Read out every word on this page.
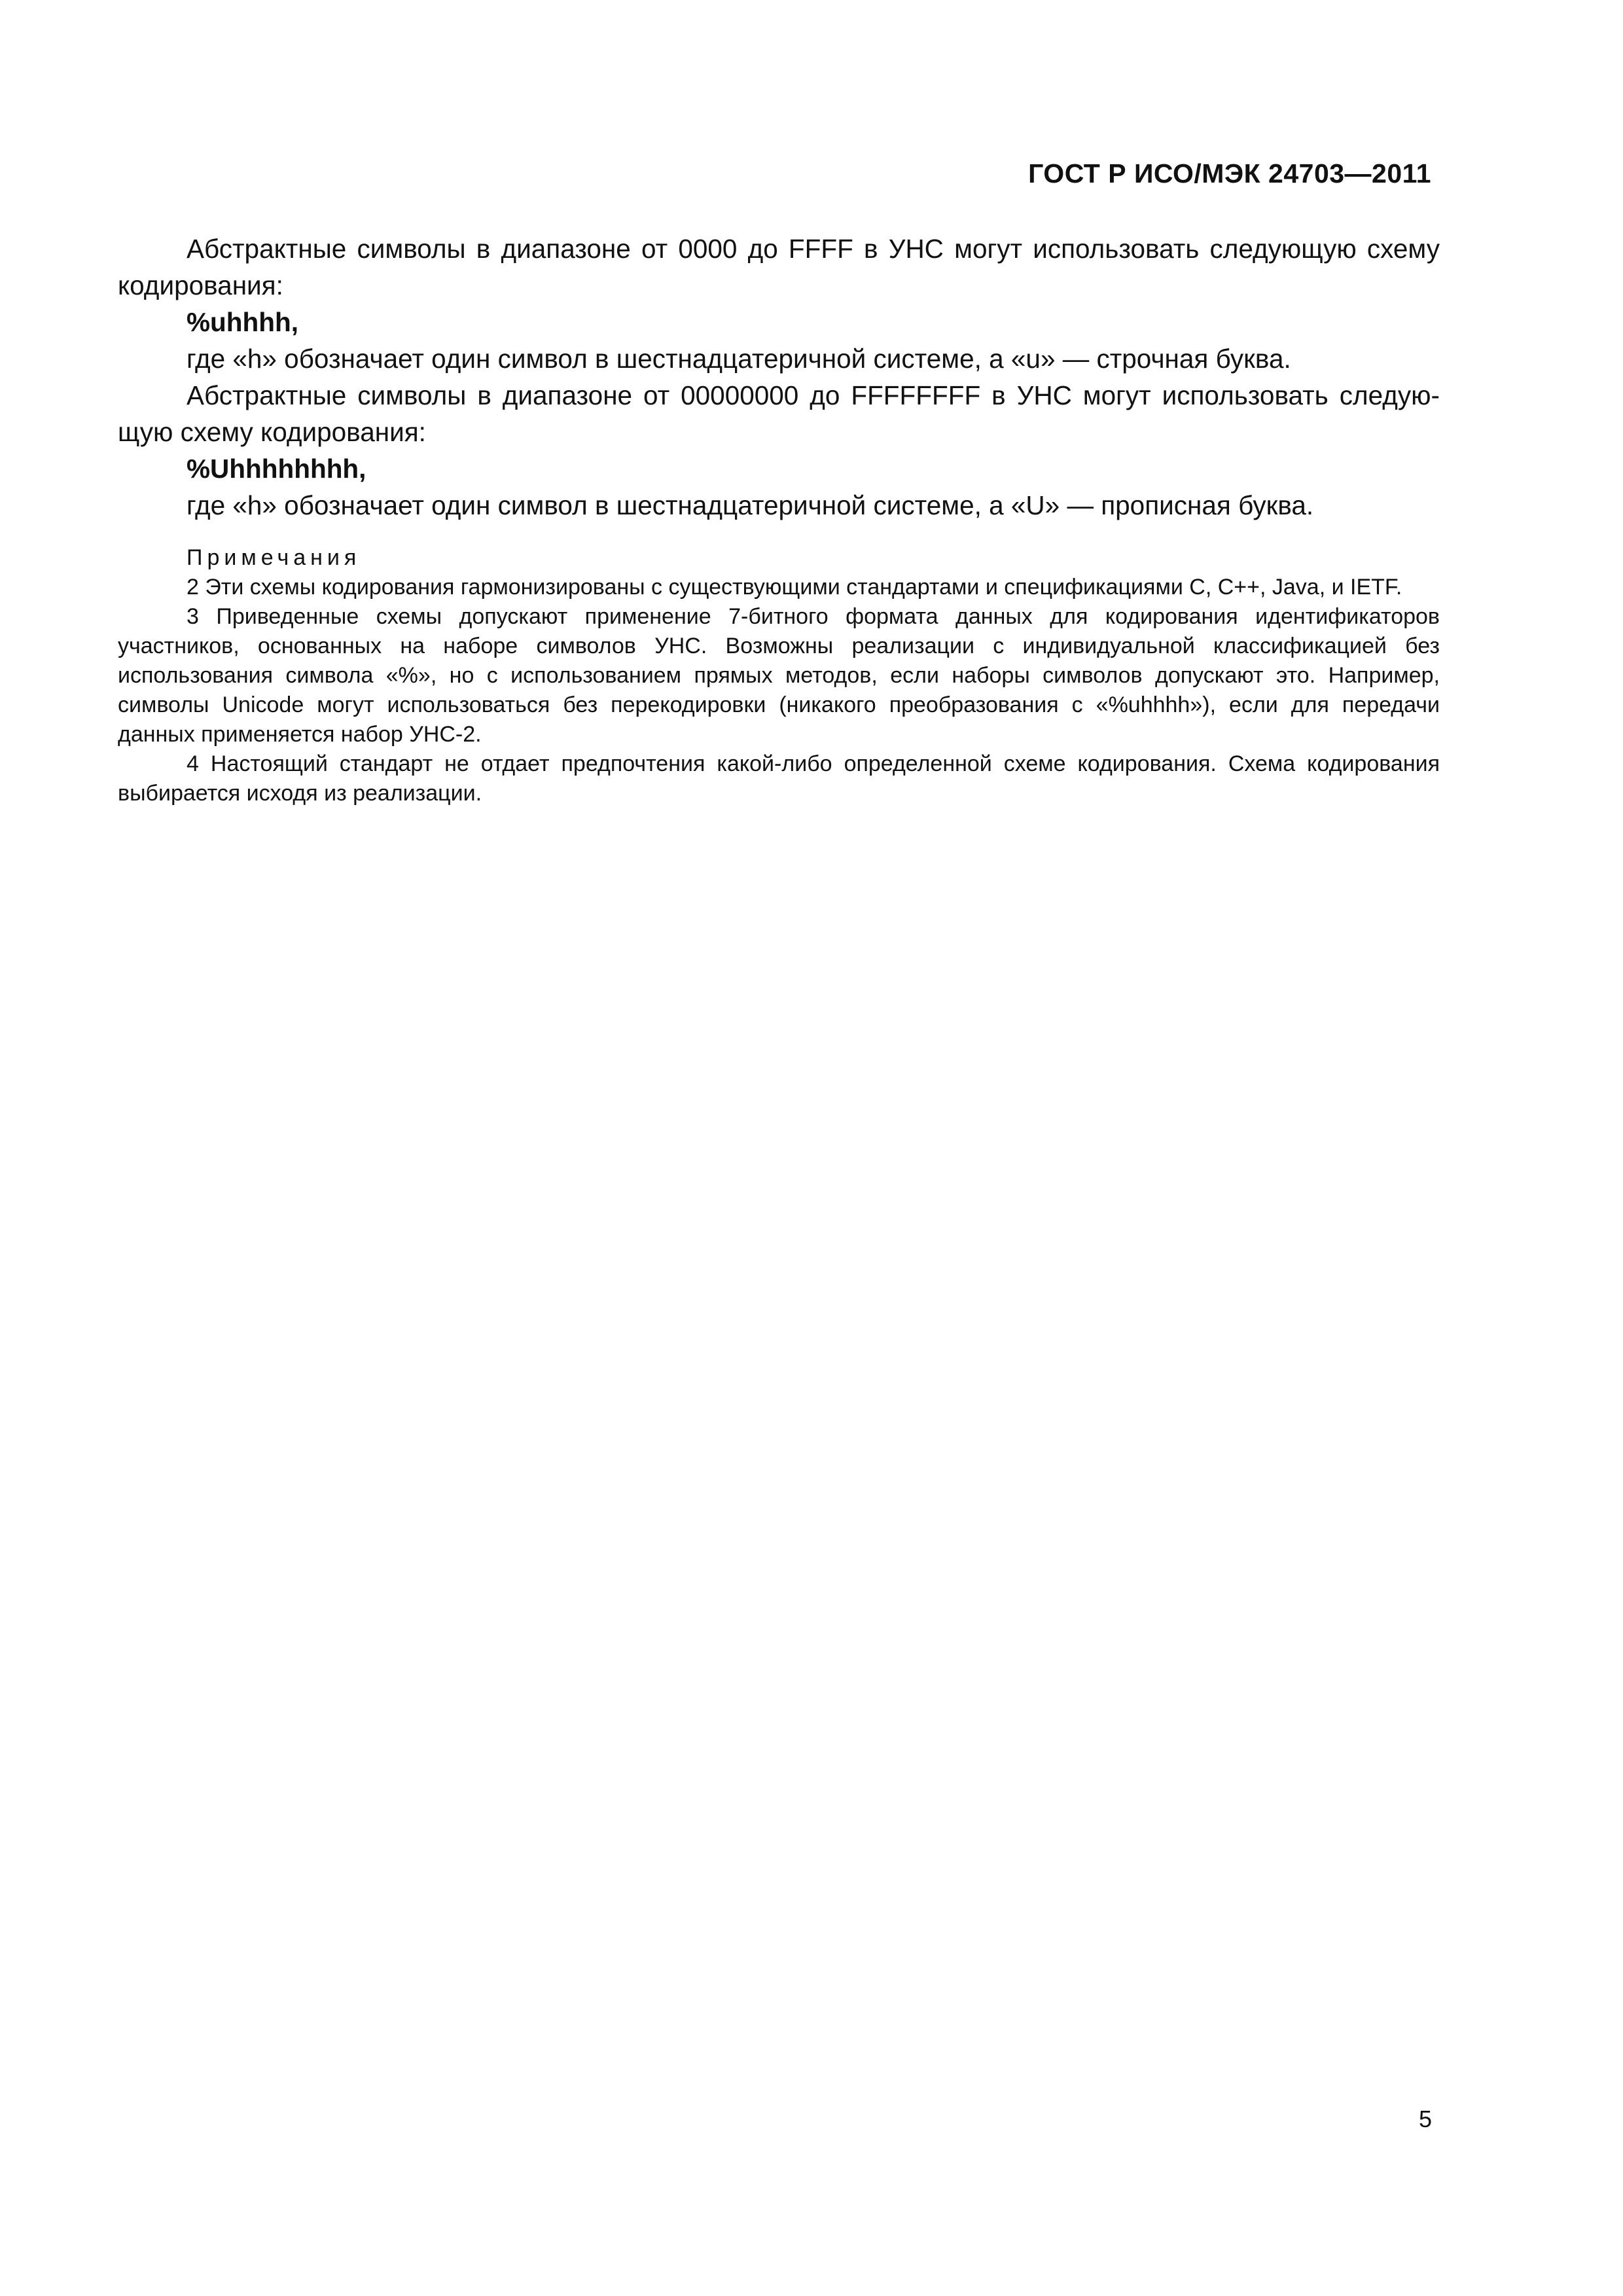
ГОСТ Р ИСО/МЭК 24703—2011

Абстрактные символы в диапазоне от 0000 до FFFF в УНС могут использовать следующую схему кодирования:

%uhhhh,

где «h» обозначает один символ в шестнадцатеричной системе, а «u» — строчная буква.

Абстрактные символы в диапазоне от 00000000 до FFFFFFFF в УНС могут использовать следующую схему кодирования:

%Uhhhhhhhh,

где «h» обозначает один символ в шестнадцатеричной системе, а «U» — прописная буква.

Примечания

2 Эти схемы кодирования гармонизированы с существующими стандартами и спецификациями С, С++, Java, и IETF.

3 Приведенные схемы допускают применение 7-битного формата данных для кодирования идентификаторов участников, основанных на наборе символов УНС. Возможны реализации с индивидуальной классификацией без использования символа «%», но с использованием прямых методов, если наборы символов допускают это. Например, символы Unicode могут использоваться без перекодировки (никакого преобразования с «%uhhhh»), если для передачи данных применяется набор УНС-2.

4 Настоящий стандарт не отдает предпочтения какой-либо определенной схеме кодирования. Схема кодирования выбирается исходя из реализации.

5
